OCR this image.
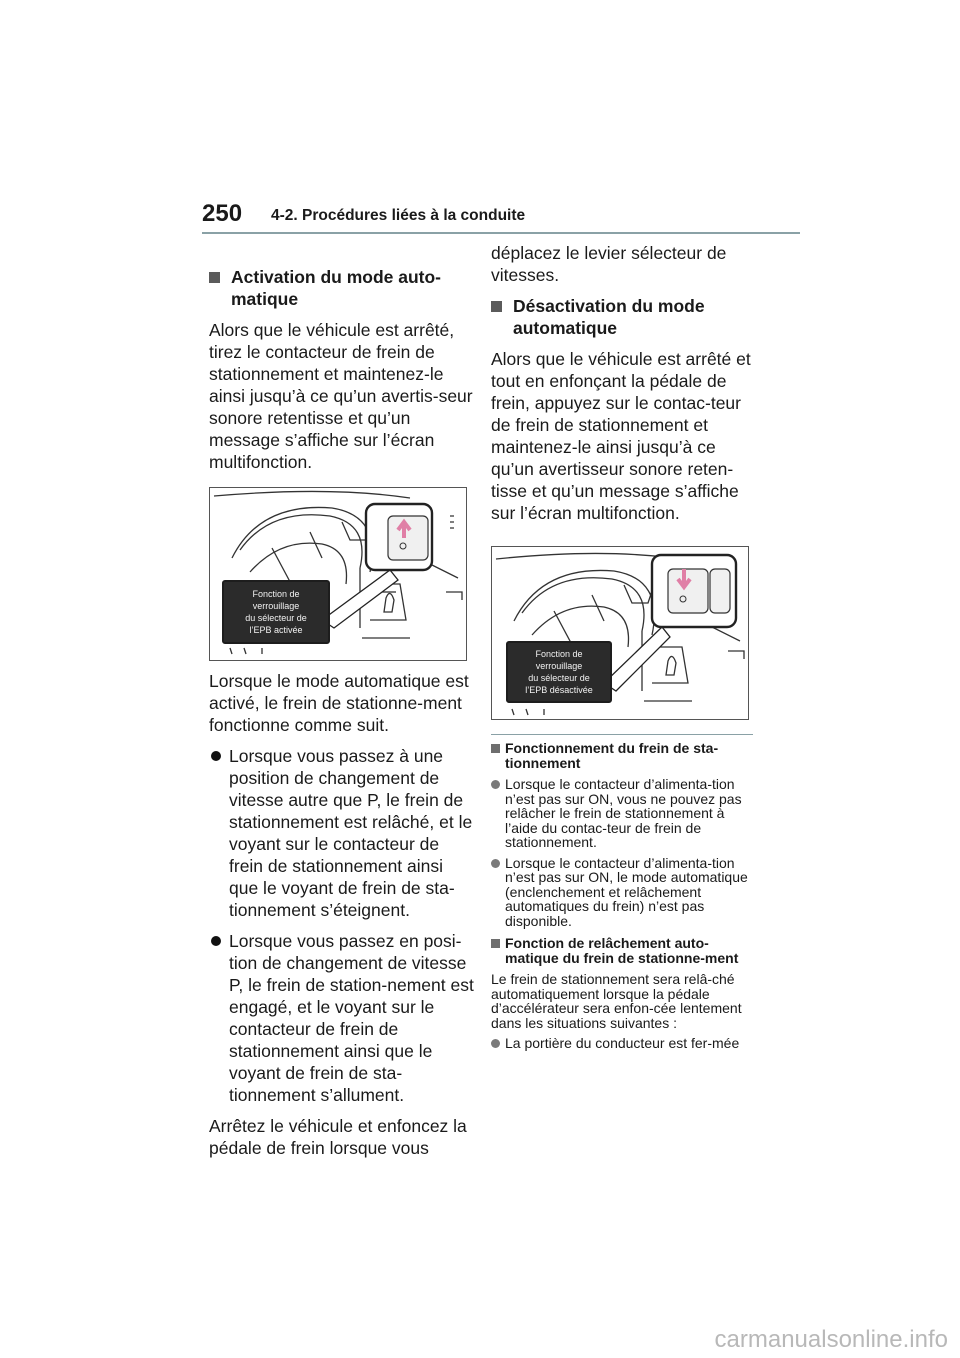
250 4-2. Procédures liées à la conduite
Activation du mode auto-
matique

Alors que le véhicule est arrêté, tirez le contacteur de frein de stationnement et maintenez-le ainsi jusqu’à ce qu’un avertis-seur sonore retentisse et qu’un message s’affiche sur l’écran multifonction.

Fonction de
verrouillage
du sélecteur de
l’EPB activée

Lorsque le mode automatique est activé, le frein de stationne-ment fonctionne comme suit.

Lorsque vous passez à une position de changement de vitesse autre que P, le frein de stationnement est relâché, et le voyant sur le contacteur de frein de stationnement ainsi que le voyant de frein de sta-tionnement s’éteignent.
Lorsque vous passez en posi-tion de changement de vitesse P, le frein de station-nement est engagé, et le voyant sur le contacteur de frein de stationnement ainsi que le voyant de frein de sta-tionnement s’allument.

Arrêtez le véhicule et enfoncez la pédale de frein lorsque vous

déplacez le levier sélecteur de vitesses.

Désactivation du mode automatique

Alors que le véhicule est arrêté et tout en enfonçant la pédale de frein, appuyez sur le contac-teur de frein de stationnement et maintenez-le ainsi jusqu’à ce qu’un avertisseur sonore reten-tisse et qu’un message s’affiche sur l’écran multifonction.

Fonction de
verrouillage
du sélecteur de
l’EPB désactivée
Fonctionnement du frein de sta-tionnement
Lorsque le contacteur d’alimenta-tion n’est pas sur ON, vous ne pouvez pas relâcher le frein de stationnement à l’aide du contac-teur de frein de stationnement.
Lorsque le contacteur d’alimenta-tion n’est pas sur ON, le mode automatique (enclenchement et relâchement automatiques du frein) n’est pas disponible.
Fonction de relâchement auto-matique du frein de stationne-ment

Le frein de stationnement sera relâ-ché automatiquement lorsque la pédale d’accélérateur sera enfon-cée lentement dans les situations suivantes :

La portière du conducteur est fer-mée
carmanualsonline.info
